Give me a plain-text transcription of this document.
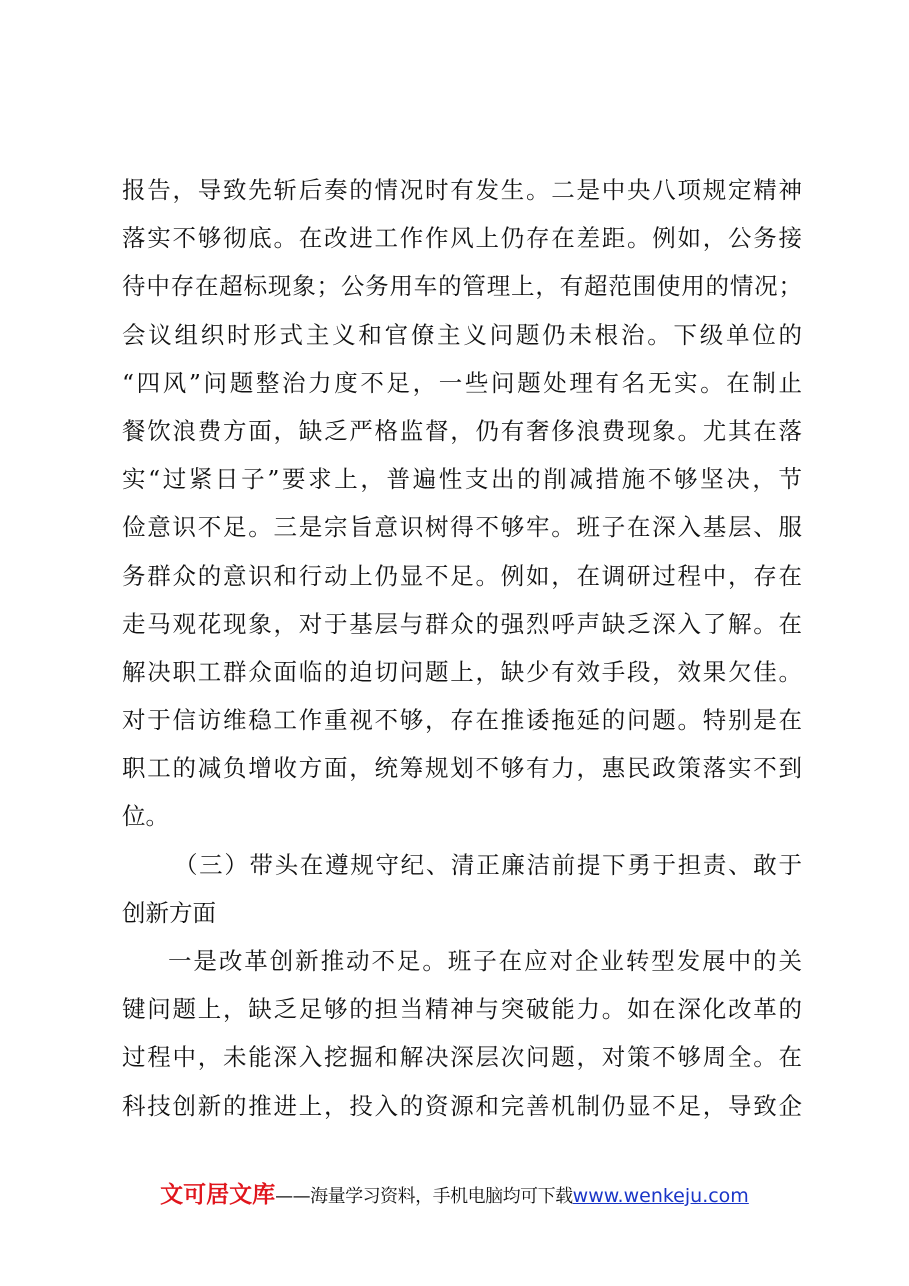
报告，导致先斩后奏的情况时有发生。二是中央八项规定精神
落实不够彻底。在改进工作作风上仍存在差距。例如，公务接
待中存在超标现象；公务用车的管理上，有超范围使用的情况；
会议组织时形式主义和官僚主义问题仍未根治。下级单位的
“四风”问题整治力度不足，一些问题处理有名无实。在制止
餐饮浪费方面，缺乏严格监督，仍有奢侈浪费现象。尤其在落
实“过紧日子”要求上，普遍性支出的削减措施不够坚决，节
俭意识不足。三是宗旨意识树得不够牢。班子在深入基层、服
务群众的意识和行动上仍显不足。例如，在调研过程中，存在
走马观花现象，对于基层与群众的强烈呼声缺乏深入了解。在
解决职工群众面临的迫切问题上，缺少有效手段，效果欠佳。
对于信访维稳工作重视不够，存在推诿拖延的问题。特别是在
职工的减负增收方面，统筹规划不够有力，惠民政策落实不到
位。
（三）带头在遵规守纪、清正廉洁前提下勇于担责、敢于
创新方面
一是改革创新推动不足。班子在应对企业转型发展中的关
键问题上，缺乏足够的担当精神与突破能力。如在深化改革的
过程中，未能深入挖掘和解决深层次问题，对策不够周全。在
科技创新的推进上，投入的资源和完善机制仍显不足，导致企
文可居文库——海量学习资料，手机电脑均可下载www.wenkeju.com
